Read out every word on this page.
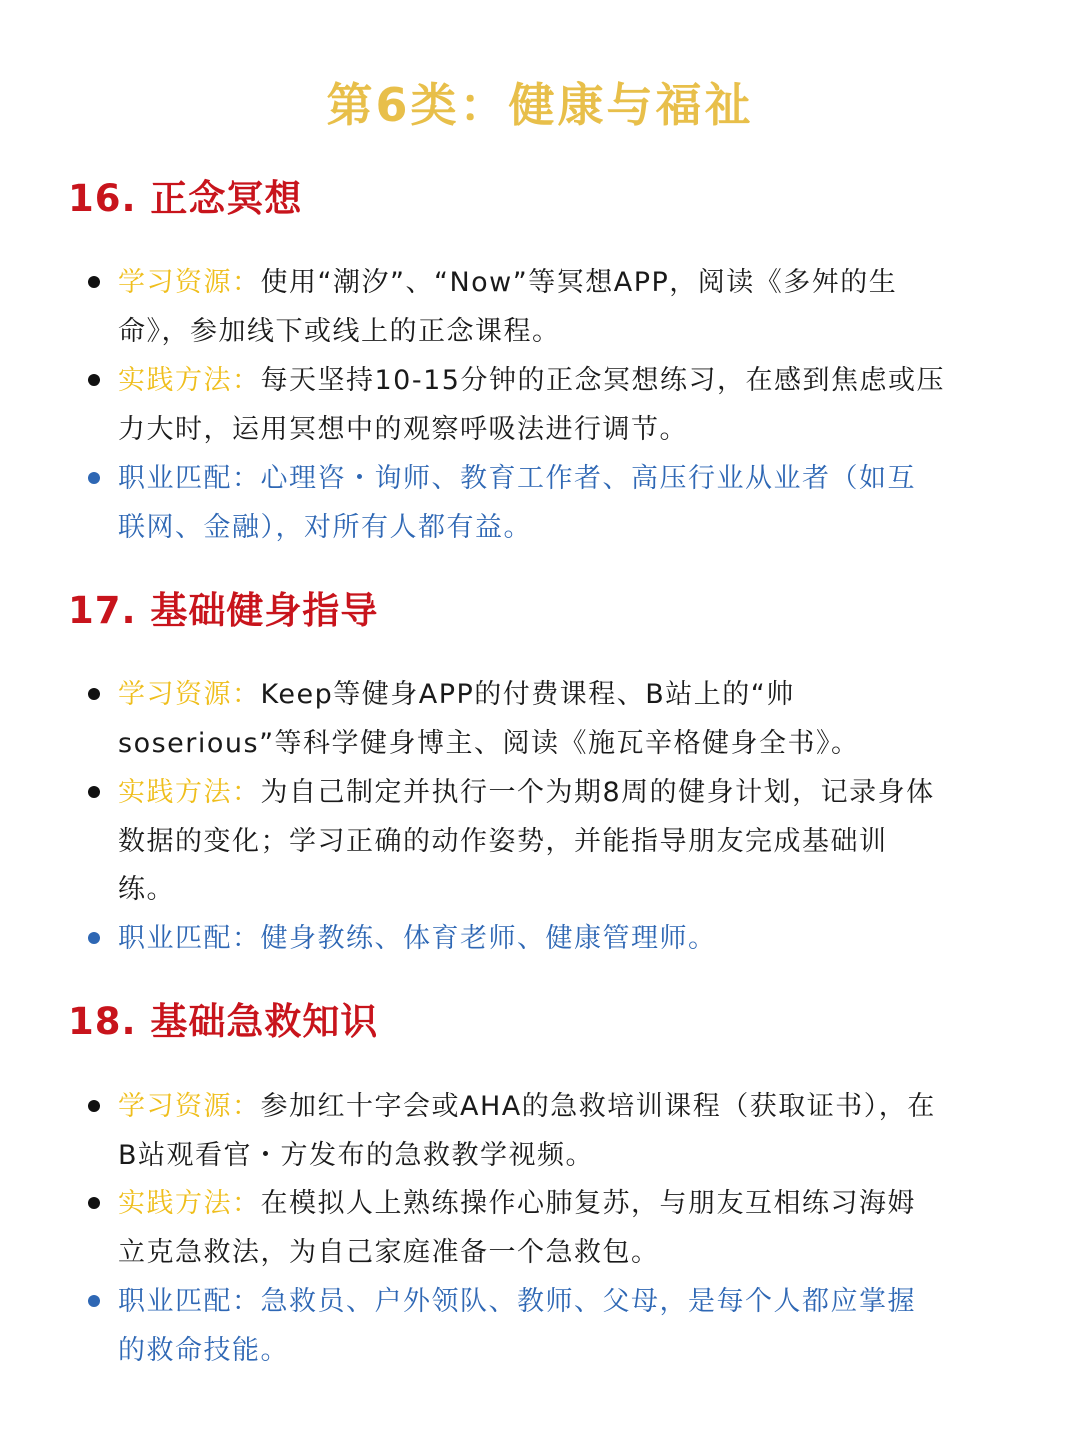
第6类：健康与福祉
16. 正念冥想
学习资源：使用“潮汐”、“Now”等冥想APP，阅读《多舛的生
命》，参加线下或线上的正念课程。
实践方法：每天坚持10-15分钟的正念冥想练习，在感到焦虑或压
力大时，运用冥想中的观察呼吸法进行调节。
职业匹配：心理咨・询师、教育工作者、高压行业从业者（如互
联网、金融），对所有人都有益。
17. 基础健身指导
学习资源：Keep等健身APP的付费课程、B站上的“帅
soserious”等科学健身博主、阅读《施瓦辛格健身全书》。
实践方法：为自己制定并执行一个为期8周的健身计划，记录身体
数据的变化；学习正确的动作姿势，并能指导朋友完成基础训
练。
职业匹配：健身教练、体育老师、健康管理师。
18. 基础急救知识
学习资源：参加红十字会或AHA的急救培训课程（获取证书），在
B站观看官・方发布的急救教学视频。
实践方法：在模拟人上熟练操作心肺复苏，与朋友互相练习海姆
立克急救法，为自己家庭准备一个急救包。
职业匹配：急救员、户外领队、教师、父母，是每个人都应掌握
的救命技能。
